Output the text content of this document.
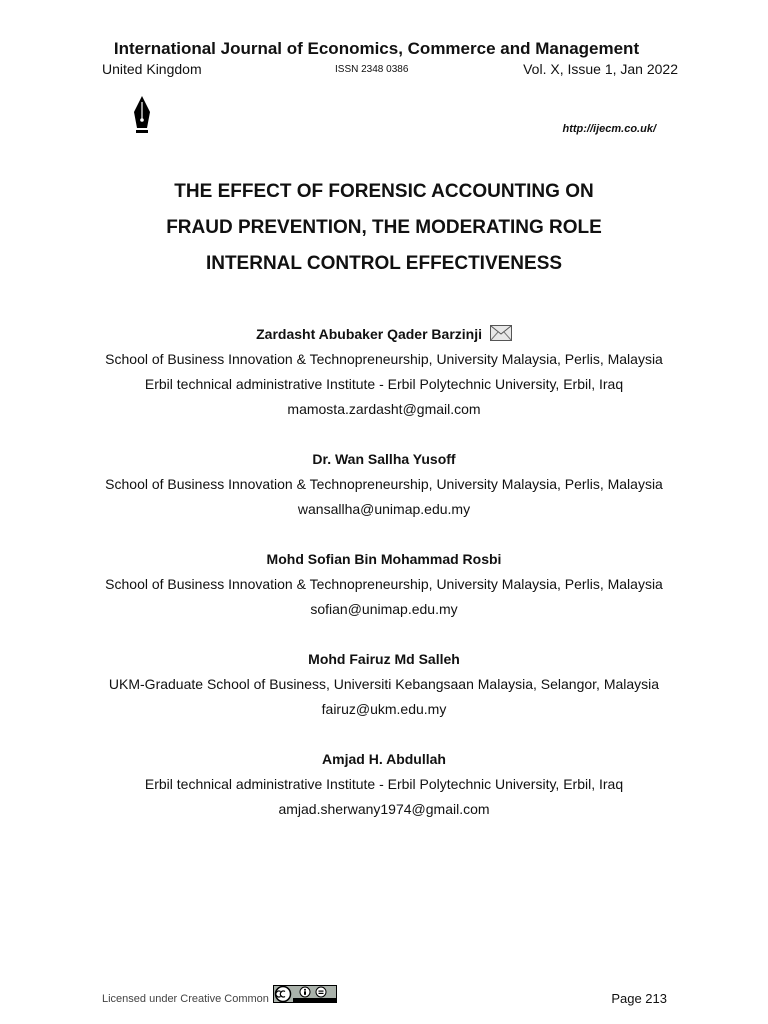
International Journal of Economics, Commerce and Management
United Kingdom	ISSN 2348 0386	Vol. X, Issue 1, Jan 2022
http://ijecm.co.uk/
THE EFFECT OF FORENSIC ACCOUNTING ON
FRAUD PREVENTION, THE MODERATING ROLE
INTERNAL CONTROL EFFECTIVENESS
Zardasht Abubaker Qader Barzinji
School of Business Innovation & Technopreneurship, University Malaysia, Perlis, Malaysia
Erbil technical administrative Institute - Erbil Polytechnic University, Erbil, Iraq
mamosta.zardasht@gmail.com
Dr. Wan Sallha Yusoff
School of Business Innovation & Technopreneurship, University Malaysia, Perlis, Malaysia
wansallha@unimap.edu.my
Mohd Sofian Bin Mohammad Rosbi
School of Business Innovation & Technopreneurship, University Malaysia, Perlis, Malaysia
sofian@unimap.edu.my
Mohd Fairuz Md Salleh
UKM-Graduate School of Business, Universiti Kebangsaan Malaysia, Selangor, Malaysia
fairuz@ukm.edu.my
Amjad H. Abdullah
Erbil technical administrative Institute - Erbil Polytechnic University, Erbil, Iraq
amjad.sherwany1974@gmail.com
Licensed under Creative Common	Page 213
